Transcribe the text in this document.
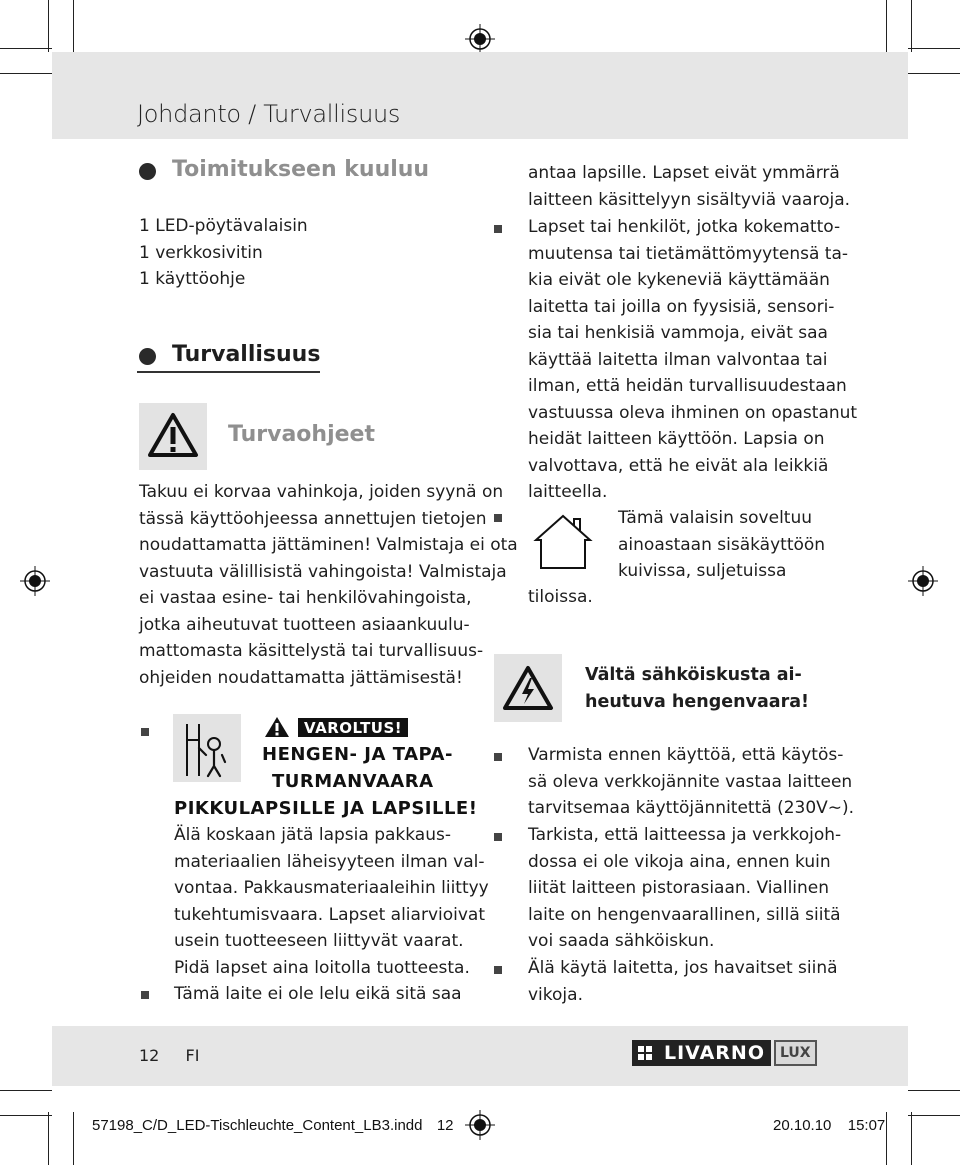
Johdanto / Turvallisuus
Toimitukseen kuuluu
1 LED-pöytävalaisin
1 verkkosivitin
1 käyttöohje
Turvallisuus
Turvaohjeet
Takuu ei korvaa vahinkoja, joiden syynä on
tässä käyttöohjeessa annettujen tietojen
noudattamatta jättäminen! Valmistaja ei ota
vastuuta välillisistä vahingoista! Valmistaja
ei vastaa esine- tai henkilövahingoista,
jotka aiheutuvat tuotteen asiaankuulu-
mattomasta käsittelystä tai turvallisuus-
ohjeiden noudattamatta jättämisestä!
VAROLTUS!
HENGEN- JA TAPA-
TURMANVAARA
PIKKULAPSILLE JA LAPSILLE!
Älä koskaan jätä lapsia pakkaus-
materiaalien läheisyyteen ilman val-
vontaa. Pakkausmateriaaleihin liittyy
tukehtumisvaara. Lapset aliarvioivat
usein tuotteeseen liittyvät vaarat.
Pidä lapset aina loitolla tuotteesta.
Tämä laite ei ole lelu eikä sitä saa
antaa lapsille. Lapset eivät ymmärrä
laitteen käsittelyyn sisältyviä vaaroja.
Lapset tai henkilöt, jotka kokematto-
muutensa tai tietämättömyytensä ta-
kia eivät ole kykeneviä käyttämään
laitetta tai joilla on fyysisiä, sensori-
sia tai henkisiä vammoja, eivät saa
käyttää laitetta ilman valvontaa tai
ilman, että heidän turvallisuudestaan
vastuussa oleva ihminen on opastanut
heidät laitteen käyttöön. Lapsia on
valvottava, että he eivät ala leikkiä
laitteella.
Tämä valaisin soveltuu
ainoastaan sisäkäyttöön
kuivissa, suljetuissa
tiloissa.
Vältä sähköiskusta ai-
heutuva hengenvaara!
Varmista ennen käyttöä, että käytös-
sä oleva verkkojännite vastaa laitteen
tarvitsemaa käyttöjännitettä (230V∼).
Tarkista, että laitteessa ja verkkojoh-
dossa ei ole vikoja aina, ennen kuin
liität laitteen pistorasiaan. Viallinen
laite on hengenvaarallinen, sillä siitä
voi saada sähköiskun.
Älä käytä laitetta, jos havaitset siinä
vikoja.
12 FI	LIVARNO	LUX
57198_C/D_LED-Tischleuchte_Content_LB3.indd 12	20.10.10 15:07
